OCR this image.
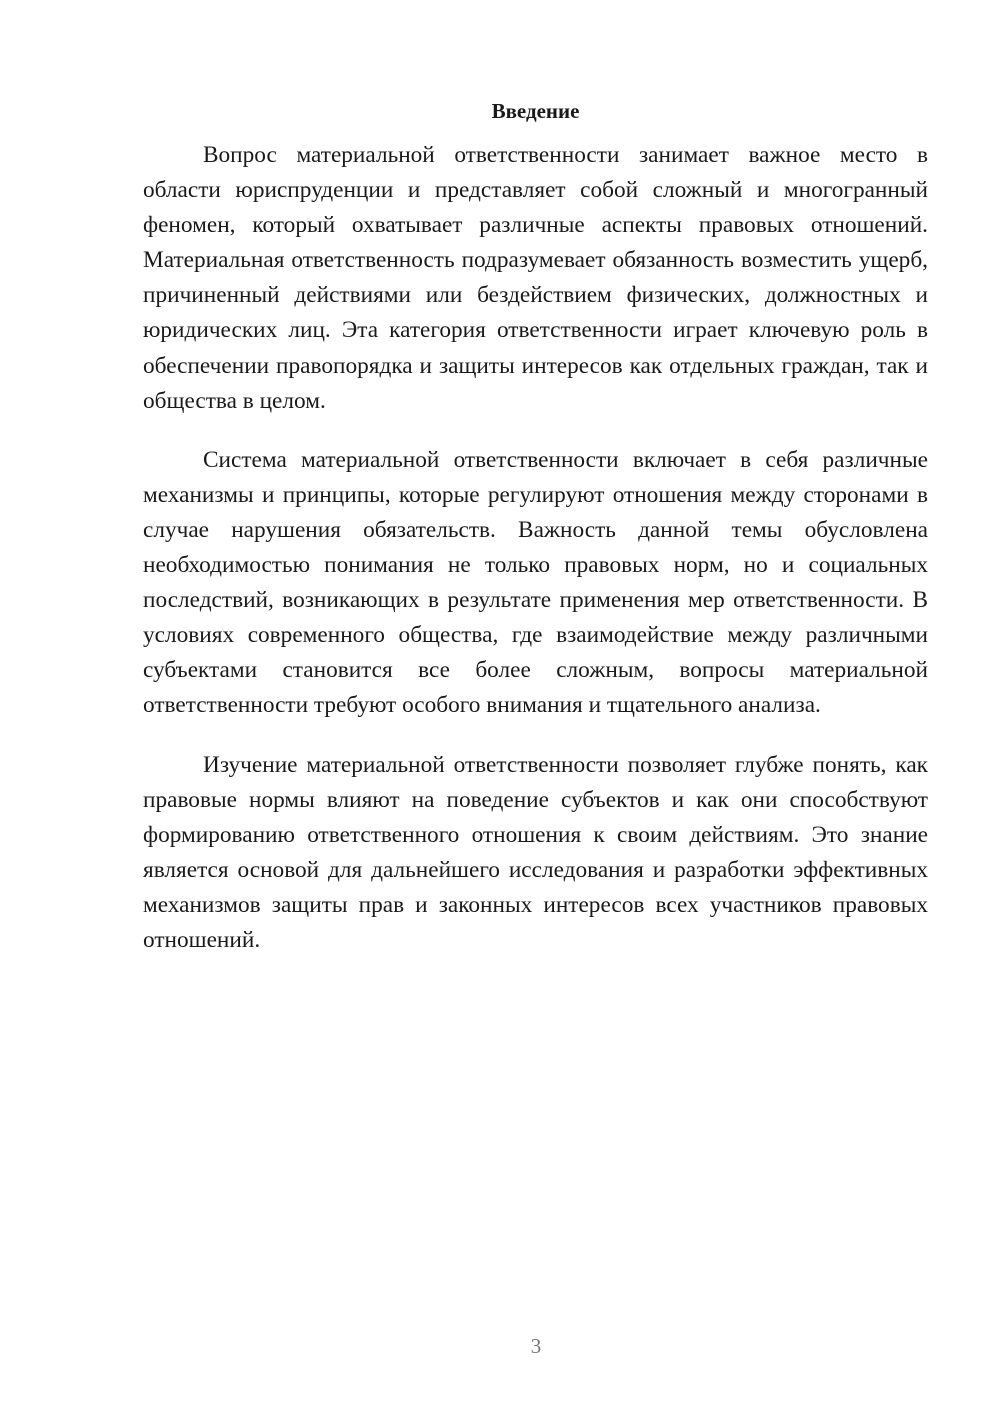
Введение

Вопрос материальной ответственности занимает важное место в области юриспруденции и представляет собой сложный и многогранный феномен, который охватывает различные аспекты правовых отношений. Материальная ответственность подразумевает обязанность возместить ущерб, причиненный действиями или бездействием физических, должностных и юридических лиц. Эта категория ответственности играет ключевую роль в обеспечении правопорядка и защиты интересов как отдельных граждан, так и общества в целом.

Система материальной ответственности включает в себя различные механизмы и принципы, которые регулируют отношения между сторонами в случае нарушения обязательств. Важность данной темы обусловлена необходимостью понимания не только правовых норм, но и социальных последствий, возникающих в результате применения мер ответственности. В условиях современного общества, где взаимодействие между различными субъектами становится все более сложным, вопросы материальной ответственности требуют особого внимания и тщательного анализа.

Изучение материальной ответственности позволяет глубже понять, как правовые нормы влияют на поведение субъектов и как они способствуют формированию ответственного отношения к своим действиям. Это знание является основой для дальнейшего исследования и разработки эффективных механизмов защиты прав и законных интересов всех участников правовых отношений.

3
